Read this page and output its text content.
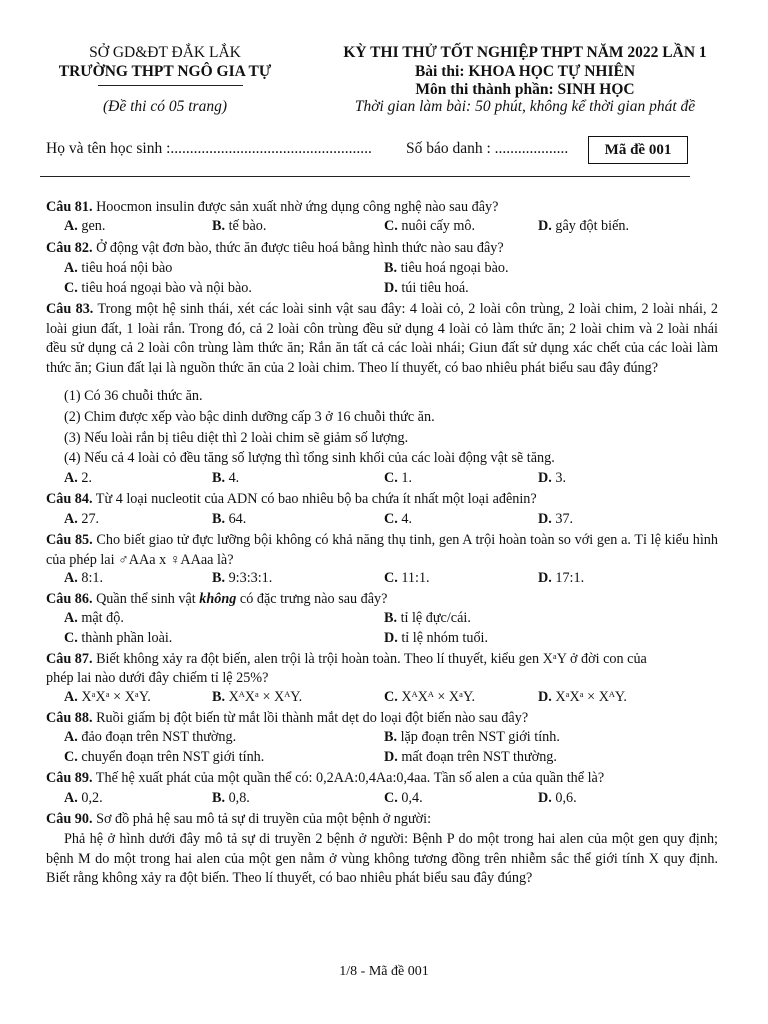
SỞ GD&ĐT ĐẮK LẮK
TRƯỜNG THPT NGÔ GIA TỰ
(Đề thi có 05 trang)
KỲ THI THỬ TỐT NGHIỆP THPT NĂM 2022 LẦN 1
Bài thi: KHOA HỌC TỰ NHIÊN
Môn thi thành phần: SINH HỌC
Thời gian làm bài: 50 phút, không kể thời gian phát đề
Họ và tên học sinh :.................................................... Số báo danh : ...................	Mã đề 001
Câu 81. Hoocmon insulin được sản xuất nhờ ứng dụng công nghệ nào sau đây?
A. gen.	B. tế bào.	C. nuôi cấy mô.	D. gây đột biến.
Câu 82. Ở động vật đơn bào, thức ăn được tiêu hoá bằng hình thức nào sau đây?
A. tiêu hoá nội bào	B. tiêu hoá ngoại bào.
C. tiêu hoá ngoại bào và nội bào.	D. túi tiêu hoá.
Câu 83. Trong một hệ sinh thái, xét các loài sinh vật sau đây: 4 loài cỏ, 2 loài côn trùng, 2 loài chim, 2 loài nhái, 2 loài giun đất, 1 loài rắn. Trong đó, cả 2 loài côn trùng đều sử dụng 4 loài cỏ làm thức ăn; 2 loài chim và 2 loài nhái đều sử dụng cả 2 loài côn trùng làm thức ăn; Rắn ăn tất cả các loài nhái; Giun đất sử dụng xác chết của các loài làm thức ăn; Giun đất lại là nguồn thức ăn của 2 loài chim. Theo lí thuyết, có bao nhiêu phát biểu sau đây đúng?
(1) Có 36 chuỗi thức ăn.
(2) Chim được xếp vào bậc dinh dưỡng cấp 3 ở 16 chuỗi thức ăn.
(3) Nếu loài rắn bị tiêu diệt thì 2 loài chim sẽ giảm số lượng.
(4) Nếu cả 4 loài cỏ đều tăng số lượng thì tổng sinh khối của các loài động vật sẽ tăng.
A. 2.	B. 4.	C. 1.	D. 3.
Câu 84. Từ 4 loại nucleotit của ADN có bao nhiêu bộ ba chứa ít nhất một loại ađênin?
A. 27.	B. 64.	C. 4.	D. 37.
Câu 85. Cho biết giao tử đực lưỡng bội không có khả năng thụ tinh, gen A trội hoàn toàn so với gen a. Tỉ lệ kiểu hình của phép lai ♂AAa x ♀AAaa là?
A. 8:1.	B. 9:3:3:1.	C. 11:1.	D. 17:1.
Câu 86. Quần thể sinh vật không có đặc trưng nào sau đây?
A. mật độ.	B. tỉ lệ đực/cái.
C. thành phần loài.	D. tỉ lệ nhóm tuổi.
Câu 87. Biết không xảy ra đột biến, alen trội là trội hoàn toàn. Theo lí thuyết, kiểu gen XᵃY ở đời con của
phép lai nào dưới đây chiếm tỉ lệ 25%?
A. XᵃXᵃ × XᵃY.	B. XᴬXᵃ × XᴬY.	C. XᴬXᴬ × XᵃY.	D. XᵃXᵃ × XᴬY.
Câu 88. Ruồi giấm bị đột biến từ mắt lồi thành mắt dẹt do loại đột biến nào sau đây?
A. đảo đoạn trên NST thường.	B. lặp đoạn trên NST giới tính.
C. chuyển đoạn trên NST giới tính.	D. mất đoạn trên NST thường.
Câu 89. Thế hệ xuất phát của một quần thể có: 0,2AA:0,4Aa:0,4aa. Tần số alen a của quần thể là?
A. 0,2.	B. 0,8.	C. 0,4.	D. 0,6.
Câu 90. Sơ đồ phả hệ sau mô tả sự di truyền của một bệnh ở người:
Phả hệ ở hình dưới đây mô tả sự di truyền 2 bệnh ở người: Bệnh P do một trong hai alen của một gen quy định; bệnh M do một trong hai alen của một gen nằm ở vùng không tương đồng trên nhiễm sắc thể giới tính X quy định. Biết rằng không xảy ra đột biến. Theo lí thuyết, có bao nhiêu phát biểu sau đây đúng?
1/8 - Mã đề 001
